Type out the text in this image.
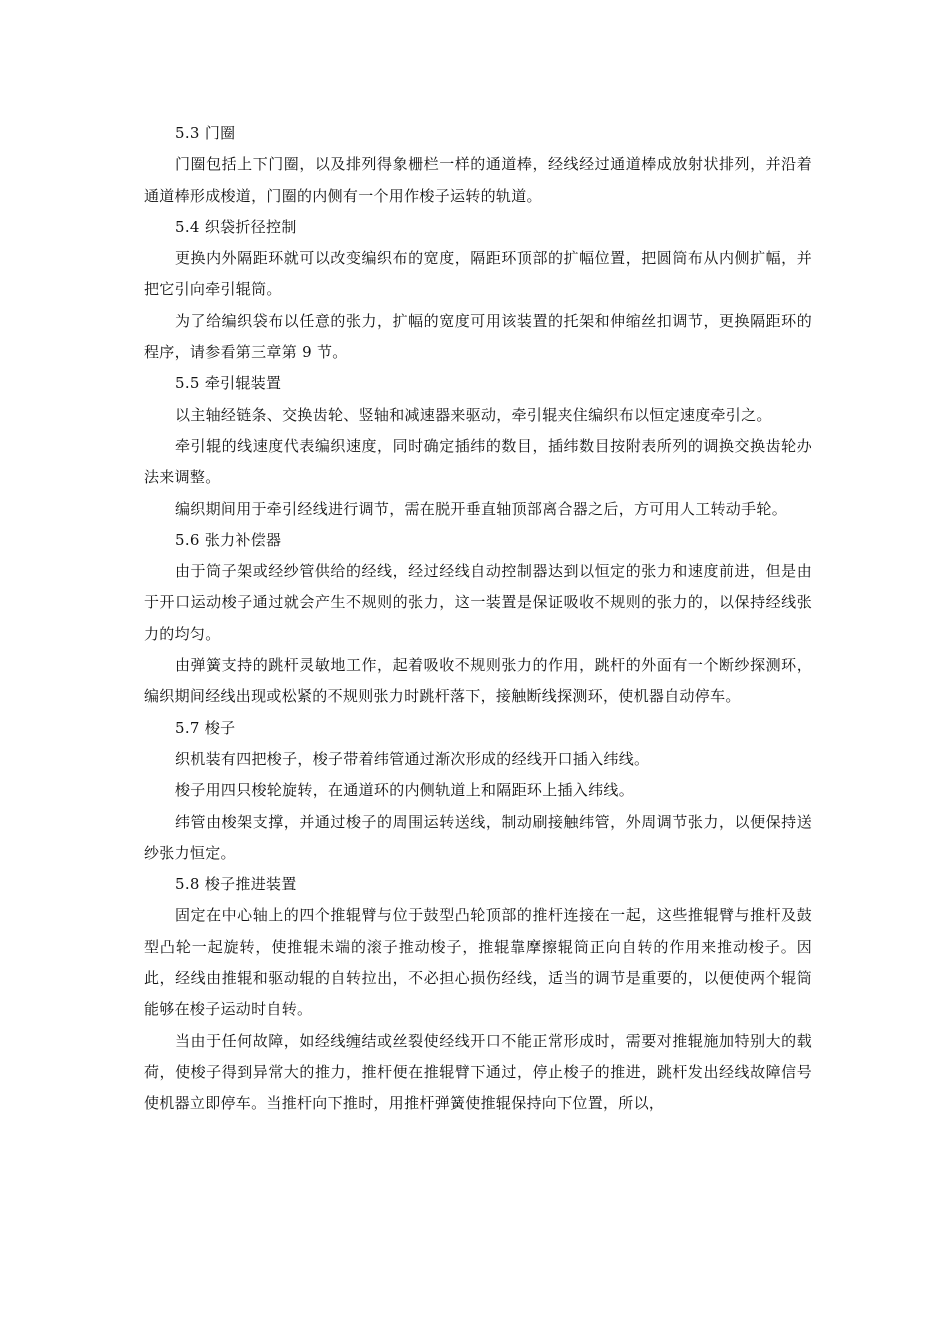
5.3 门圈

门圈包括上下门圈，以及排列得象栅栏一样的通道棒，经线经过通道棒成放射状排列，并沿着通道棒形成梭道，门圈的内侧有一个用作梭子运转的轨道。

5.4 织袋折径控制

更换内外隔距环就可以改变编织布的宽度，隔距环顶部的扩幅位置，把圆筒布从内侧扩幅，并把它引向牵引辊筒。

为了给编织袋布以任意的张力，扩幅的宽度可用该装置的托架和伸缩丝扣调节，更换隔距环的程序，请参看第三章第 9 节。

5.5 牵引辊装置

以主轴经链条、交换齿轮、竖轴和减速器来驱动，牵引辊夹住编织布以恒定速度牵引之。

牵引辊的线速度代表编织速度，同时确定插纬的数目，插纬数目按附表所列的调换交换齿轮办法来调整。

编织期间用于牵引经线进行调节，需在脱开垂直轴顶部离合器之后，方可用人工转动手轮。

5.6 张力补偿器

由于筒子架或经纱管供给的经线，经过经线自动控制器达到以恒定的张力和速度前进，但是由于开口运动梭子通过就会产生不规则的张力，这一装置是保证吸收不规则的张力的，以保持经线张力的均匀。

由弹簧支持的跳杆灵敏地工作，起着吸收不规则张力的作用，跳杆的外面有一个断纱探测环，编织期间经线出现或松紧的不规则张力时跳杆落下，接触断线探测环，使机器自动停车。

5.7 梭子

织机装有四把梭子，梭子带着纬管通过渐次形成的经线开口插入纬线。

梭子用四只梭轮旋转，在通道环的内侧轨道上和隔距环上插入纬线。

纬管由梭架支撑，并通过梭子的周围运转送线，制动刷接触纬管，外周调节张力，以便保持送纱张力恒定。

5.8 梭子推进装置

固定在中心轴上的四个推辊臂与位于鼓型凸轮顶部的推杆连接在一起，这些推辊臂与推杆及鼓型凸轮一起旋转，使推辊未端的滚子推动梭子，推辊靠摩擦辊筒正向自转的作用来推动梭子。因此，经线由推辊和驱动辊的自转拉出，不必担心损伤经线，适当的调节是重要的，以便使两个辊筒能够在梭子运动时自转。

当由于任何故障，如经线缠结或丝裂使经线开口不能正常形成时，需要对推辊施加特别大的载荷，使梭子得到异常大的推力，推杆便在推辊臂下通过，停止梭子的推进，跳杆发出经线故障信号使机器立即停车。当推杆向下推时，用推杆弹簧使推辊保持向下位置，所以，
